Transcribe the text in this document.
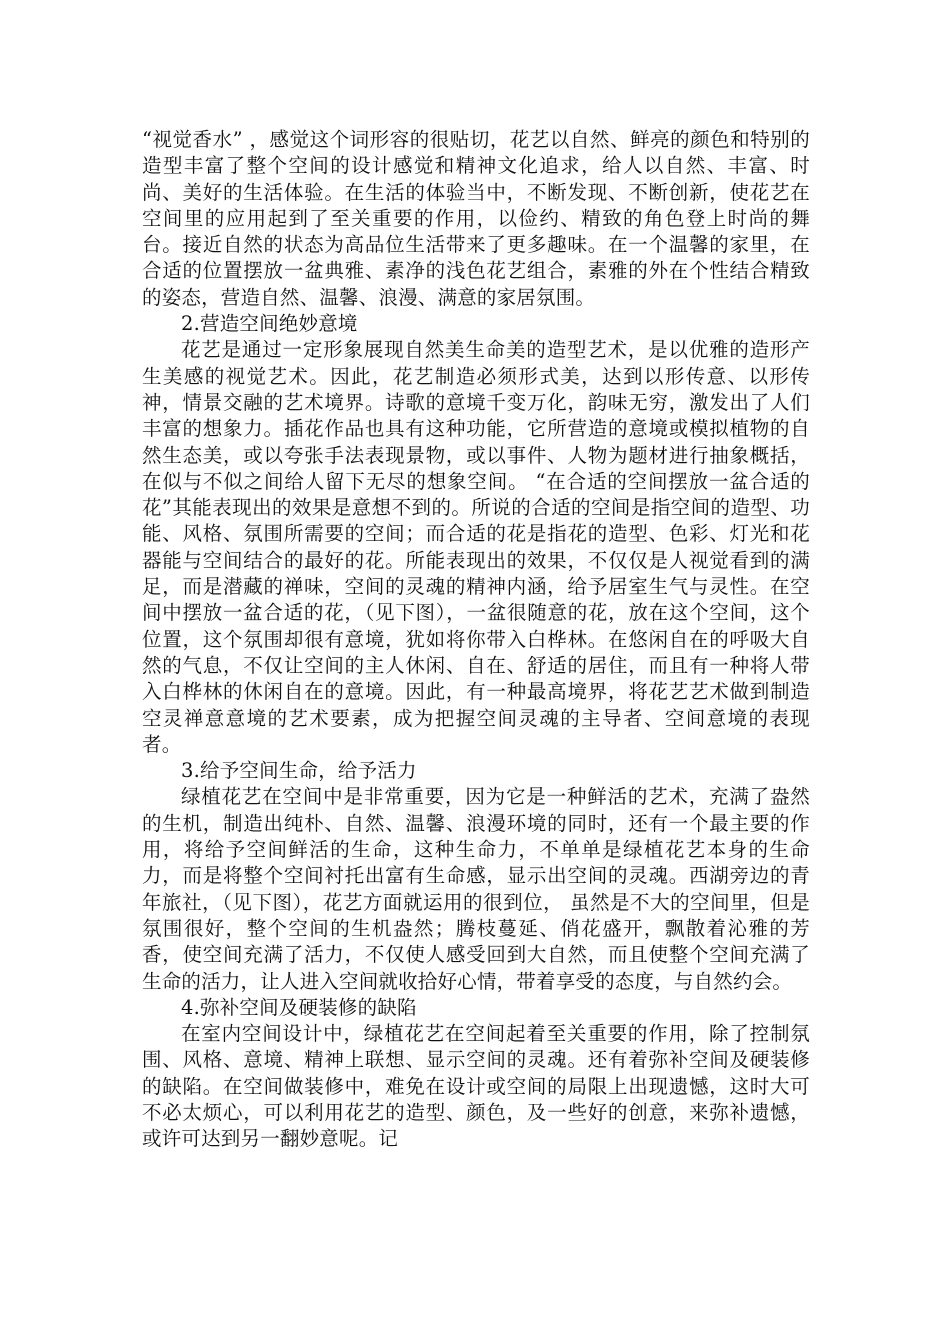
“视觉香水” ，感觉这个词形容的很贴切，花艺以自然、鲜亮的颜色和特别的造型丰富了整个空间的设计感觉和精神文化追求，给人以自然、丰富、时尚、美好的生活体验。在生活的体验当中，不断发现、不断创新，使花艺在空间里的应用起到了至关重要的作用，以俭约、精致的角色登上时尚的舞台。接近自然的状态为高品位生活带来了更多趣味。在一个温馨的家里，在合适的位置摆放一盆典雅、素净的浅色花艺组合，素雅的外在个性结合精致的姿态，营造自然、温馨、浪漫、满意的家居氛围。

2.营造空间绝妙意境

花艺是通过一定形象展现自然美生命美的造型艺术，是以优雅的造形产生美感的视觉艺术。因此，花艺制造必须形式美，达到以形传意、以形传神，情景交融的艺术境界。诗歌的意境千变万化，韵味无穷，激发出了人们丰富的想象力。插花作品也具有这种功能，它所营造的意境或模拟植物的自然生态美，或以夸张手法表现景物，或以事件、人物为题材进行抽象概括，在似与不似之间给人留下无尽的想象空间。 “在合适的空间摆放一盆合适的花”其能表现出的效果是意想不到的。所说的合适的空间是指空间的造型、功能、风格、氛围所需要的空间；而合适的花是指花的造型、色彩、灯光和花器能与空间结合的最好的花。所能表现出的效果，不仅仅是人视觉看到的满足，而是潜藏的禅味，空间的灵魂的精神内涵，给予居室生气与灵性。在空间中摆放一盆合适的花，（见下图），一盆很随意的花，放在这个空间，这个位置，这个氛围却很有意境，犹如将你带入白桦林。在悠闲自在的呼吸大自然的气息，不仅让空间的主人休闲、自在、舒适的居住，而且有一种将人带入白桦林的休闲自在的意境。因此，有一种最高境界，将花艺艺术做到制造空灵禅意意境的艺术要素，成为把握空间灵魂的主导者、空间意境的表现者。

3.给予空间生命，给予活力

绿植花艺在空间中是非常重要，因为它是一种鲜活的艺术，充满了盎然的生机，制造出纯朴、自然、温馨、浪漫环境的同时，还有一个最主要的作用，将给予空间鲜活的生命，这种生命力，不单单是绿植花艺本身的生命力，而是将整个空间衬托出富有生命感，显示出空间的灵魂。西湖旁边的青年旅社，（见下图），花艺方面就运用的很到位， 虽然是不大的空间里，但是氛围很好，整个空间的生机盎然；腾枝蔓延、俏花盛开，飘散着沁雅的芳香，使空间充满了活力，不仅使人感受回到大自然，而且使整个空间充满了生命的活力，让人进入空间就收拾好心情，带着享受的态度，与自然约会。

4.弥补空间及硬装修的缺陷

在室内空间设计中，绿植花艺在空间起着至关重要的作用，除了控制氛围、风格、意境、精神上联想、显示空间的灵魂。还有着弥补空间及硬装修的缺陷。在空间做装修中，难免在设计或空间的局限上出现遗憾，这时大可不必太烦心，可以利用花艺的造型、颜色，及一些好的创意，来弥补遗憾，或许可达到另一翻妙意呢。记
